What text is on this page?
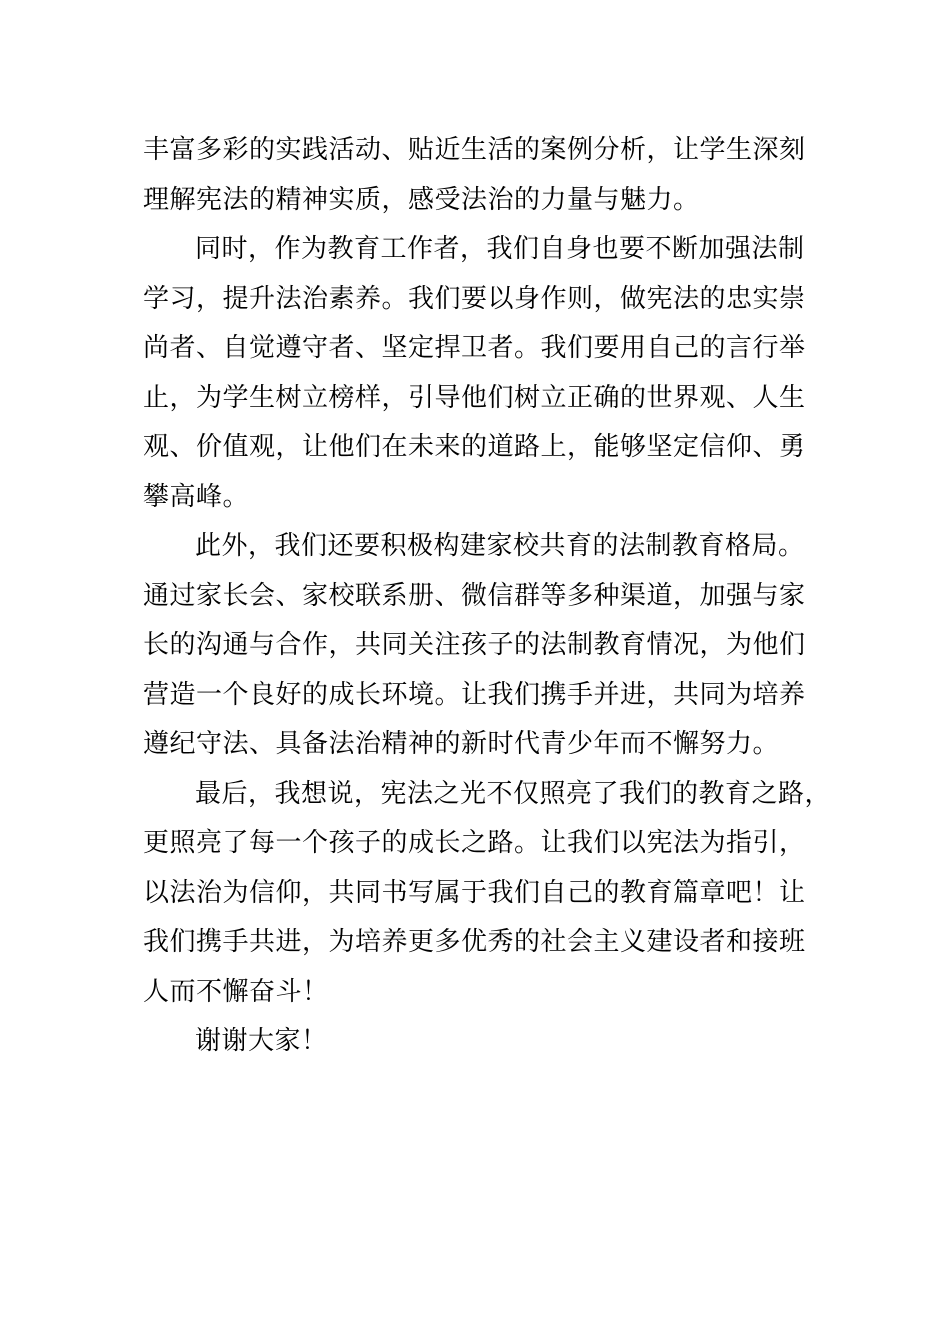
丰富多彩的实践活动、贴近生活的案例分析，让学生深刻
理解宪法的精神实质，感受法治的力量与魅力。
同时，作为教育工作者，我们自身也要不断加强法制
学习，提升法治素养。我们要以身作则，做宪法的忠实崇
尚者、自觉遵守者、坚定捍卫者。我们要用自己的言行举
止，为学生树立榜样，引导他们树立正确的世界观、人生
观、价值观，让他们在未来的道路上，能够坚定信仰、勇
攀高峰。
此外，我们还要积极构建家校共育的法制教育格局。
通过家长会、家校联系册、微信群等多种渠道，加强与家
长的沟通与合作，共同关注孩子的法制教育情况，为他们
营造一个良好的成长环境。让我们携手并进，共同为培养
遵纪守法、具备法治精神的新时代青少年而不懈努力。
最后，我想说，宪法之光不仅照亮了我们的教育之路，
更照亮了每一个孩子的成长之路。让我们以宪法为指引，
以法治为信仰，共同书写属于我们自己的教育篇章吧！让
我们携手共进，为培养更多优秀的社会主义建设者和接班
人而不懈奋斗！
谢谢大家！
